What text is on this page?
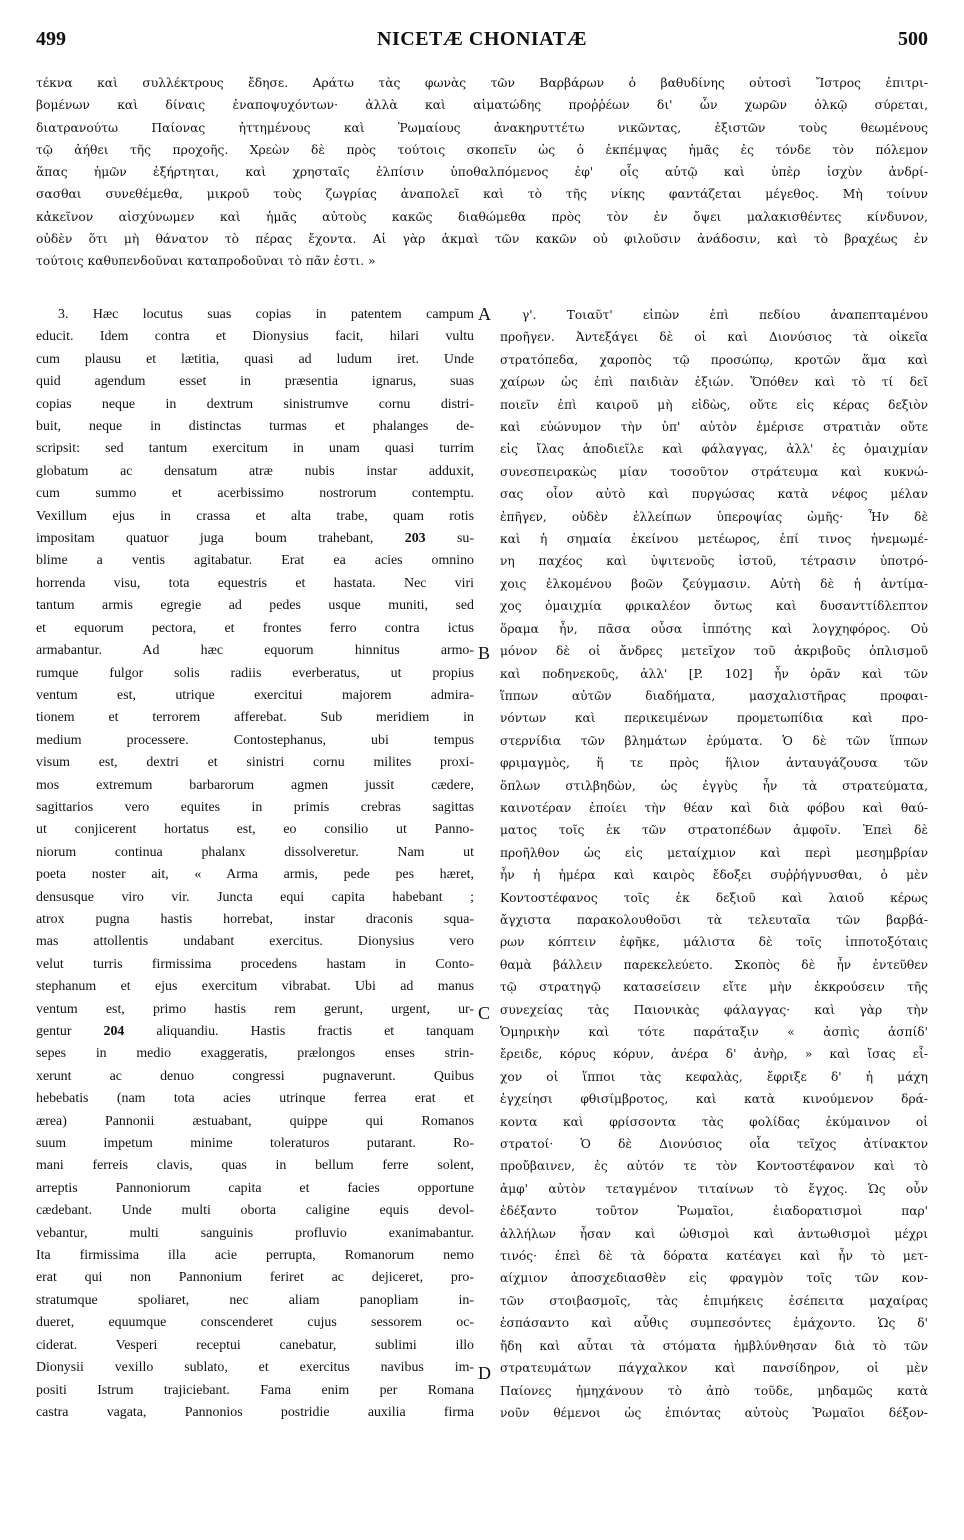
499	NICETÆ CHONIATÆ	500
τέκνα καὶ συλλέκτρους ἔδησε. Αράτω τὰς φωνὰς τῶν Βαρβάρων ὁ βαθυδίνης οὑτοσὶ Ἴστρος ἐπιτρι-
βομένων καὶ δίναις ἐναποψυχόντων· ἀλλὰ καὶ αἱματώδης προῤῥέων δι' ὧν χωρῶν ὁλκῷ σύρεται,
διατρανούτω Παίονας ἡττημένους καὶ Ῥωμαίους ἀνακηρυττέτω νικῶντας, ἐξιστῶν τοὺς θεωμένους
τῷ ἀήθει τῆς προχοῆς. Χρεὼν δὲ πρὸς τούτοις σκοπεῖν ὡς ὁ ἐκπέμψας ἡμᾶς ἐς τόνδε τὸν πόλεμον
ἅπας ἡμῶν ἐξήρτηται, καὶ χρησταῖς ἐλπίσιν ὑποθαλπόμενος ἐφ' οἷς αὐτῷ καὶ ὑπὲρ ἰσχὺν ἀνδρί-
σασθαι συνεθέμεθα, μικροῦ τοὺς ζωγρίας ἀναπολεῖ καὶ τὸ τῆς νίκης φαντάζεται μέγεθος. Μὴ τοίνυν
κἀκεῖνον αἰσχύνωμεν καὶ ἡμᾶς αὐτοὺς κακῶς διαθώμεθα πρὸς τὸν ἐν ὄψει μαλακισθέντες κίνδυνον,
οὐδὲν ὅτι μὴ θάνατον τὸ πέρας ἔχοντα. Αἱ γὰρ ἀκμαὶ τῶν κακῶν οὐ φιλοῦσιν ἀνάδοσιν, καὶ τὸ βραχέως ἐν
τούτοις καθυπενδοῦναι καταπροδοῦναι τὸ πᾶν ἐστι. »
3. Hæc locutus suas copias in patentem campum
educit. Idem contra et Dionysius facit, hilari vultu
cum plausu et lætitia, quasi ad ludum iret. Unde
quid agendum esset in præsentia ignarus, suas
copias neque in dextrum sinistrumve cornu distri-
buit, neque in distinctas turmas et phalanges de-
scripsit: sed tantum exercitum in unam quasi turrim
globatum ac densatum atræ nubis instar adduxit,
cum summo et acerbissimo nostrorum contemptu.
Vexillum ejus in crassa et alta trabe, quam rotis
impositam quatuor juga boum trahebant, 203 su-
blime a ventis agitabatur. Erat ea acies omnino
horrenda visu, tota equestris et hastata. Nec viri
tantum armis egregie ad pedes usque muniti, sed
et equorum pectora, et frontes ferro contra ictus
armabantur. Ad hæc equorum hinnitus armo-
rumque fulgor solis radiis everberatus, ut propius
ventum est, utrique exercitui majorem admira-
tionem et terrorem afferebat. Sub meridiem in
medium processere. Contostephanus, ubi tempus
visum est, dextri et sinistri cornu milites proxi-
mos extremum barbarorum agmen jussit cædere,
sagittarios vero equites in primis crebras sagittas
ut conjicerent hortatus est, eo consilio ut Panno-
niorum continua phalanx dissolveretur. Nam ut
poeta noster ait, « Arma armis, pede pes hæret,
densusque viro vir. Juncta equi capita habebant ;
atrox pugna hastis horrebat, instar draconis squa-
mas attollentis undabant exercitus. Dionysius vero
velut turris firmissima procedens hastam in Conto-
stephanum et ejus exercitum vibrabat. Ubi ad manus
ventum est, primo hastis rem gerunt, urgent, ur-
gentur 204 aliquandiu. Hastis fractis et tanquam
sepes in medio exaggeratis, prælongos enses strin-
xerunt ac denuo congressi pugnaverunt. Quibus
hebebatis (nam tota acies utrinque ferrea erat et
ærea) Pannonii æstuabant, quippe qui Romanos
suum impetum minime toleraturos putarant. Ro-
mani ferreis clavis, quas in bellum ferre solent,
arreptis Pannoniorum capita et facies opportune
cædebant. Unde multi oborta caligine equis devol-
vebantur, multi sanguinis profluvio exanimabantur.
Ita firmissima illa acie perrupta, Romanorum nemo
erat qui non Pannonium feriret ac dejiceret, pro-
stratumque spoliaret, nec aliam panopliam in-
dueret, equumque conscenderet cujus sessorem oc-
ciderat. Vesperi receptui canebatur, sublimi illo
Dionysii vexillo sublato, et exercitus navibus im-
positi Istrum trajiciebant. Fama enim per Romana
castra vagata, Pannonios postridie auxilia firma
γ'. Τοιαῦτ' εἰπὼν ἐπὶ πεδίου ἀναπεπταμένου
προῆγεν. Ἀντεξάγει δὲ οἱ καὶ Διονύσιος τὰ οἰκεῖα
στρατόπεδα, χαροπὸς τῷ προσώπῳ, κροτῶν ἅμα καὶ
χαίρων ὡς ἐπὶ παιδιὰν ἐξιών. Ὅπόθεν καὶ τὸ τί δεῖ
ποιεῖν ἐπὶ καιροῦ μὴ εἰδὼς, οὔτε εἰς κέρας δεξιὸν
καὶ εὐώνυμον τὴν ὑπ' αὐτὸν ἐμέρισε στρατιὰν οὔτε
εἰς ἴλας ἀποδιεῖλε καὶ φάλαγγας, ἀλλ' ἐς ὁμαιχμίαν
συνεσπειρακὼς μίαν τοσοῦτον στράτευμα καὶ κυκνώ-
σας οἷον αὐτὸ καὶ πυργώσας κατὰ νέφος μέλαν
ἐπῆγεν, οὐδὲν ἐλλείπων ὑπεροψίας ὠμῆς· Ἦν δὲ
καὶ ἡ σημαία ἐκείνου μετέωρος, ἐπί τινος ἠνεμωμέ-
νη παχέος καὶ ὑψιτενοῦς ἰστοῦ, τέτρασιν ὑποτρό-
χοις ἑλκομένου βοῶν ζεύγμασιν. Αὐτὴ δὲ ἡ ἀντίμα-
χος ὁμαιχμία φρικαλέον ὄντως καὶ δυσανττίδλεπτον
ὅραμα ἦν, πᾶσα οὖσα ἱππότης καὶ λογχηφόρος. Οὐ
μόνον δὲ οἱ ἄνδρες μετεῖχον τοῦ ἀκριβοῦς ὁπλισμοῦ
καὶ ποδηνεκοῦς, ἀλλ' [P. 102] ἦν ὁρᾶν καὶ τῶν
ἵππων αὐτῶν διαδήματα, μασχαλιστῆρας προφαι-
νόντων καὶ περικειμένων προμετωπίδια καὶ προ-
στερνίδια τῶν βλημάτων ἐρύματα. Ὁ δὲ τῶν ἵππων
φριμαγμὸς, ἥ τε πρὸς ἥλιον ἀνταυγάζουσα τῶν
ὅπλων στιλβηδὼν, ὡς ἐγγὺς ἦν τὰ στρατεύματα,
καινοτέραν ἐποίει τὴν θέαν καὶ διὰ φόβου καὶ θαύ-
ματος τοῖς ἐκ τῶν στρατοπέδων ἀμφοῖν. Ἐπεὶ δὲ
προῆλθον ὡς εἰς μεταίχμιον καὶ περὶ μεσημβρίαν
ἦν ἡ ἡμέρα καὶ καιρὸς ἔδοξει συῤῥήγνυσθαι, ὁ μὲν
Κοντοστέφανος τοῖς ἐκ δεξιοῦ καὶ λαιοῦ κέρως
ἄγχιστα παρακολουθοῦσι τὰ τελευταῖα τῶν βαρβά-
ρων κόπτειν ἐφῆκε, μάλιστα δὲ τοῖς ἱπποτοξόταις
θαμὰ βάλλειν παρεκελεύετο. Σκοπὸς δὲ ἦν ἐντεῦθεν
τῷ στρατηγῷ κατασείσειν εἴτε μὴν ἐκκρούσειν τῆς
συνεχείας τὰς Παιονικὰς φάλαγγας· καὶ γὰρ τὴν
Ὁμηρικὴν καὶ τότε παράταξιν « ἀσπὶς ἀσπίδ'
ἔρειδε, κόρυς κόρυν, ἀνέρα δ' ἀνὴρ, » καὶ ἴσας εἶ-
χον οἱ ἵπποι τὰς κεφαλὰς, ἔφριξε δ' ἡ μάχη
ἐγχείησι φθισίμβροτος, καὶ κατὰ κινούμενον δρά-
κοντα καὶ φρίσσοντα τὰς φολίδας ἐκύμαινον οἱ
στρατοί· Ὁ δὲ Διονύσιος οἷα τεῖχος ἀτίνακτον
προὔβαινεν, ἐς αὐτόν τε τὸν Κοντοστέφανον καὶ τὸ
ἀμφ' αὐτὸν τεταγμένον τιταίνων τὸ ἔγχος. Ὡς οὖν
ἐδέξαντο τοῦτον Ῥωμαῖοι, ἐιαδορατισμοὶ παρ'
ἀλλήλων ἦσαν καὶ ὠθισμοὶ καὶ ἀντωθισμοὶ μέχρι
τινός· ἐπεὶ δὲ τὰ δόρατα κατέαγει καὶ ἦν τὸ μετ-
αίχμιον ἀποσχεδιασθὲν εἰς φραγμὸν τοῖς τῶν κον-
τῶν στοιβασμοῖς, τὰς ἐπιμήκεις ἐσέπειτα μαχαίρας
ἐσπάσαντο καὶ αὖθις συμπεσόντες ἐμάχοντο. Ὡς δ'
ἤδη καὶ αὗται τὰ στόματα ἡμβλύνθησαν διὰ τὸ τῶν
στρατευμάτων πάγχαλκον καὶ πανσίδηρον, οἱ μὲν
Παίονες ἠμηχάνουν τὸ ἀπὸ τοῦδε, μηδαμῶς κατὰ
νοῦν θέμενοι ὡς ἐπιόντας αὐτοὺς Ῥωμαῖοι δέξον-
A
B
C
D
